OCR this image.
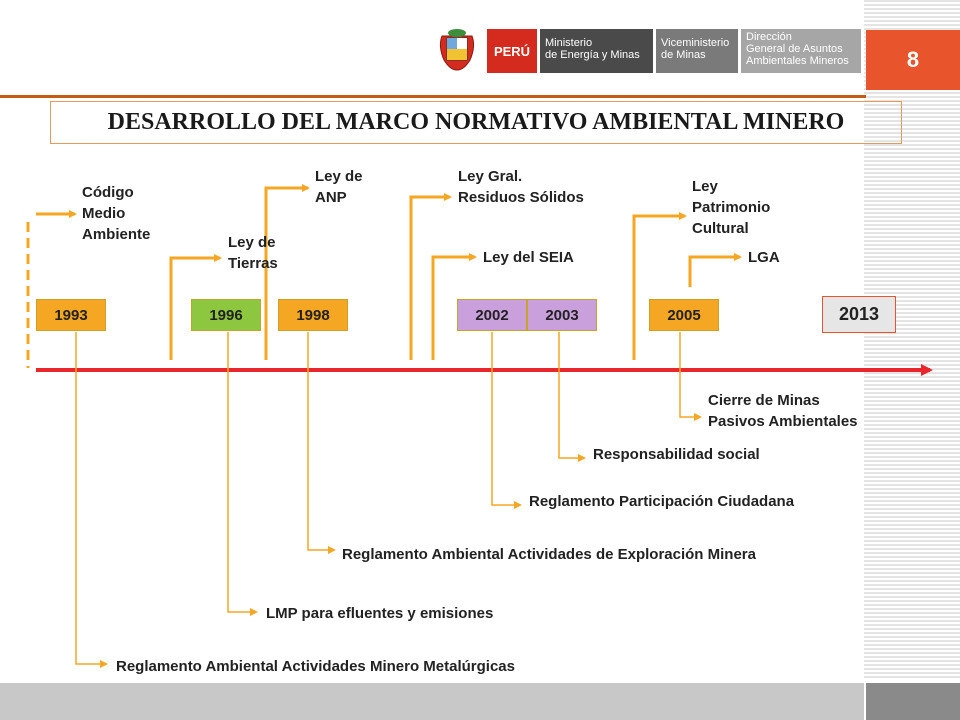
8
PERÚ
Ministerio
de Energía y Minas
Viceministerio
de Minas
Dirección
General de Asuntos
Ambientales Mineros
DESARROLLO DEL MARCO NORMATIVO AMBIENTAL MINERO
1993	1996	1998	2002	2003	2005	2013
Código
Medio
Ambiente	Ley de
Tierras
Ley de
ANP
Ley Gral.
Residuos Sólidos
Ley del SEIA
Ley
Patrimonio
Cultural
LGA
Cierre de Minas
Pasivos Ambientales
Responsabilidad social
Reglamento Participación Ciudadana
Reglamento Ambiental Actividades de Exploración Minera
LMP para efluentes y emisiones
Reglamento Ambiental Actividades Minero Metalúrgicas
